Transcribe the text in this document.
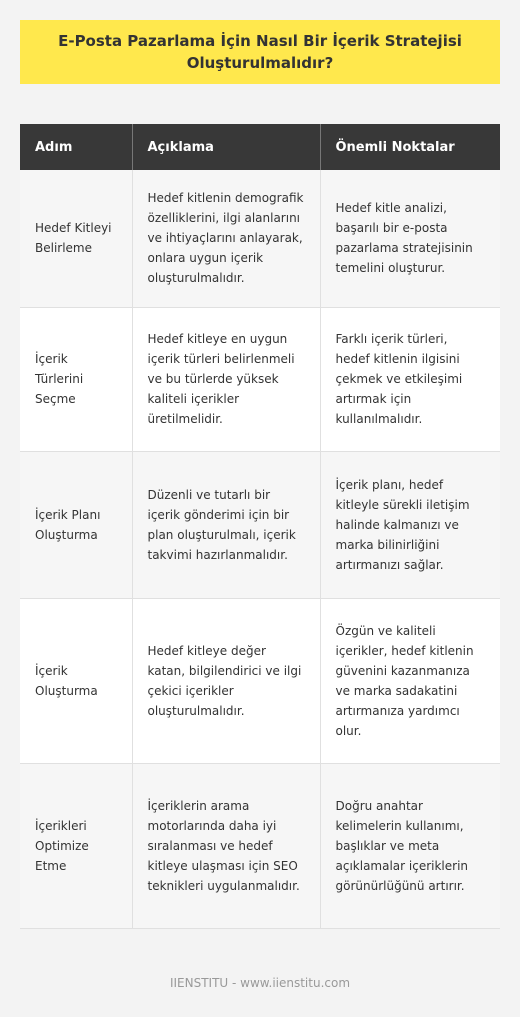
E-Posta Pazarlama İçin Nasıl Bir İçerik Stratejisi Oluşturulmalıdır?
Adım	Açıklama	Önemli Noktalar
Hedef Kitleyi Belirleme	Hedef kitlenin demografik özelliklerini, ilgi alanlarını ve ihtiyaçlarını anlayarak, onlara uygun içerik oluşturulmalıdır.	Hedef kitle analizi, başarılı bir e-posta pazarlama stratejisinin temelini oluşturur.
İçerik Türlerini Seçme	Hedef kitleye en uygun içerik türleri belirlenmeli ve bu türlerde yüksek kaliteli içerikler üretilmelidir.	Farklı içerik türleri, hedef kitlenin ilgisini çekmek ve etkileşimi artırmak için kullanılmalıdır.
İçerik Planı Oluşturma	Düzenli ve tutarlı bir içerik gönderimi için bir plan oluşturulmalı, içerik takvimi hazırlanmalıdır.	İçerik planı, hedef kitleyle sürekli iletişim halinde kalmanızı ve marka bilinirliğini artırmanızı sağlar.
İçerik Oluşturma	Hedef kitleye değer katan, bilgilendirici ve ilgi çekici içerikler oluşturulmalıdır.	Özgün ve kaliteli içerikler, hedef kitlenin güvenini kazanmanıza ve marka sadakatini artırmanıza yardımcı olur.
İçerikleri Optimize Etme	İçeriklerin arama motorlarında daha iyi sıralanması ve hedef kitleye ulaşması için SEO teknikleri uygulanmalıdır.	Doğru anahtar kelimelerin kullanımı, başlıklar ve meta açıklamalar içeriklerin görünürlüğünü artırır.
IIENSTITU - www.iienstitu.com
